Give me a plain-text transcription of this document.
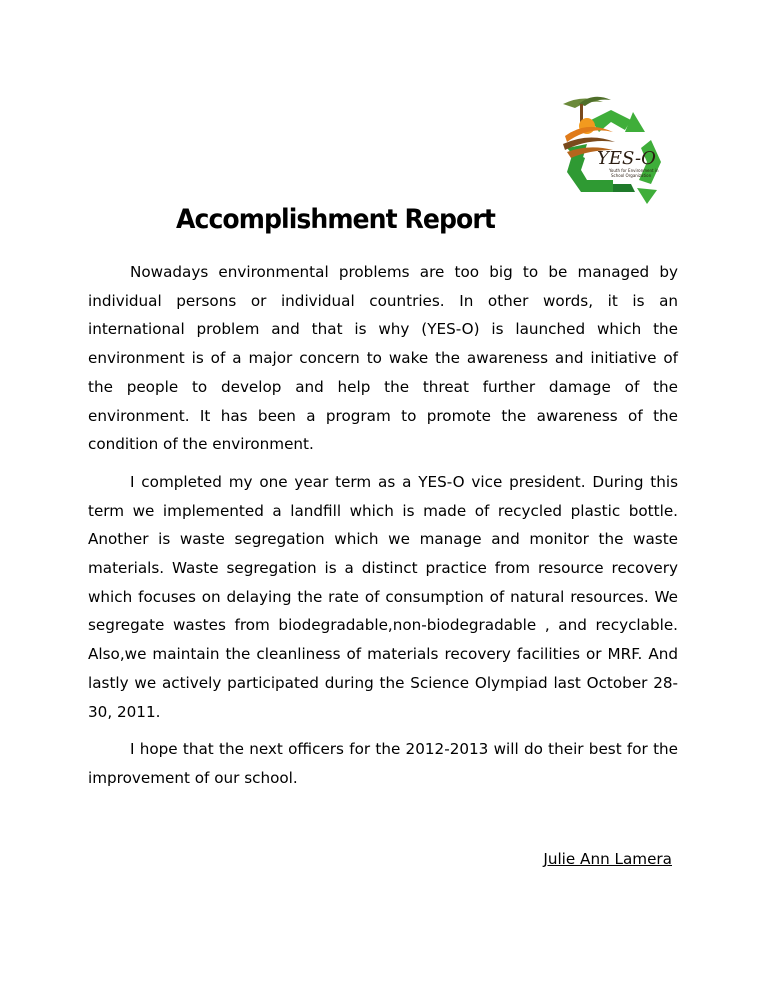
YES-O
Youth for Environment in
School Organization
Accomplishment Report

Nowadays environmental problems are too big to be managed by individual persons or individual countries. In other words, it is an international problem and that is why (YES-O) is launched which the environment is of a major concern to wake the awareness and initiative of the people to develop and help the threat further damage of the environment. It has been a program to promote the awareness of the condition of the environment.

I completed my one year term as a YES-O vice president. During this term we implemented a landfill which is made of recycled plastic bottle. Another is waste segregation which we manage and monitor the waste materials. Waste segregation is a distinct practice from resource recovery which focuses on delaying the rate of consumption of natural resources. We segregate wastes from biodegradable,non-biodegradable , and recyclable. Also,we maintain the cleanliness of materials recovery facilities or MRF. And lastly we actively participated during the Science Olympiad last October 28-30, 2011.

I hope that the next officers for the 2012-2013 will do their best for the improvement of our school.

Julie Ann Lamera
